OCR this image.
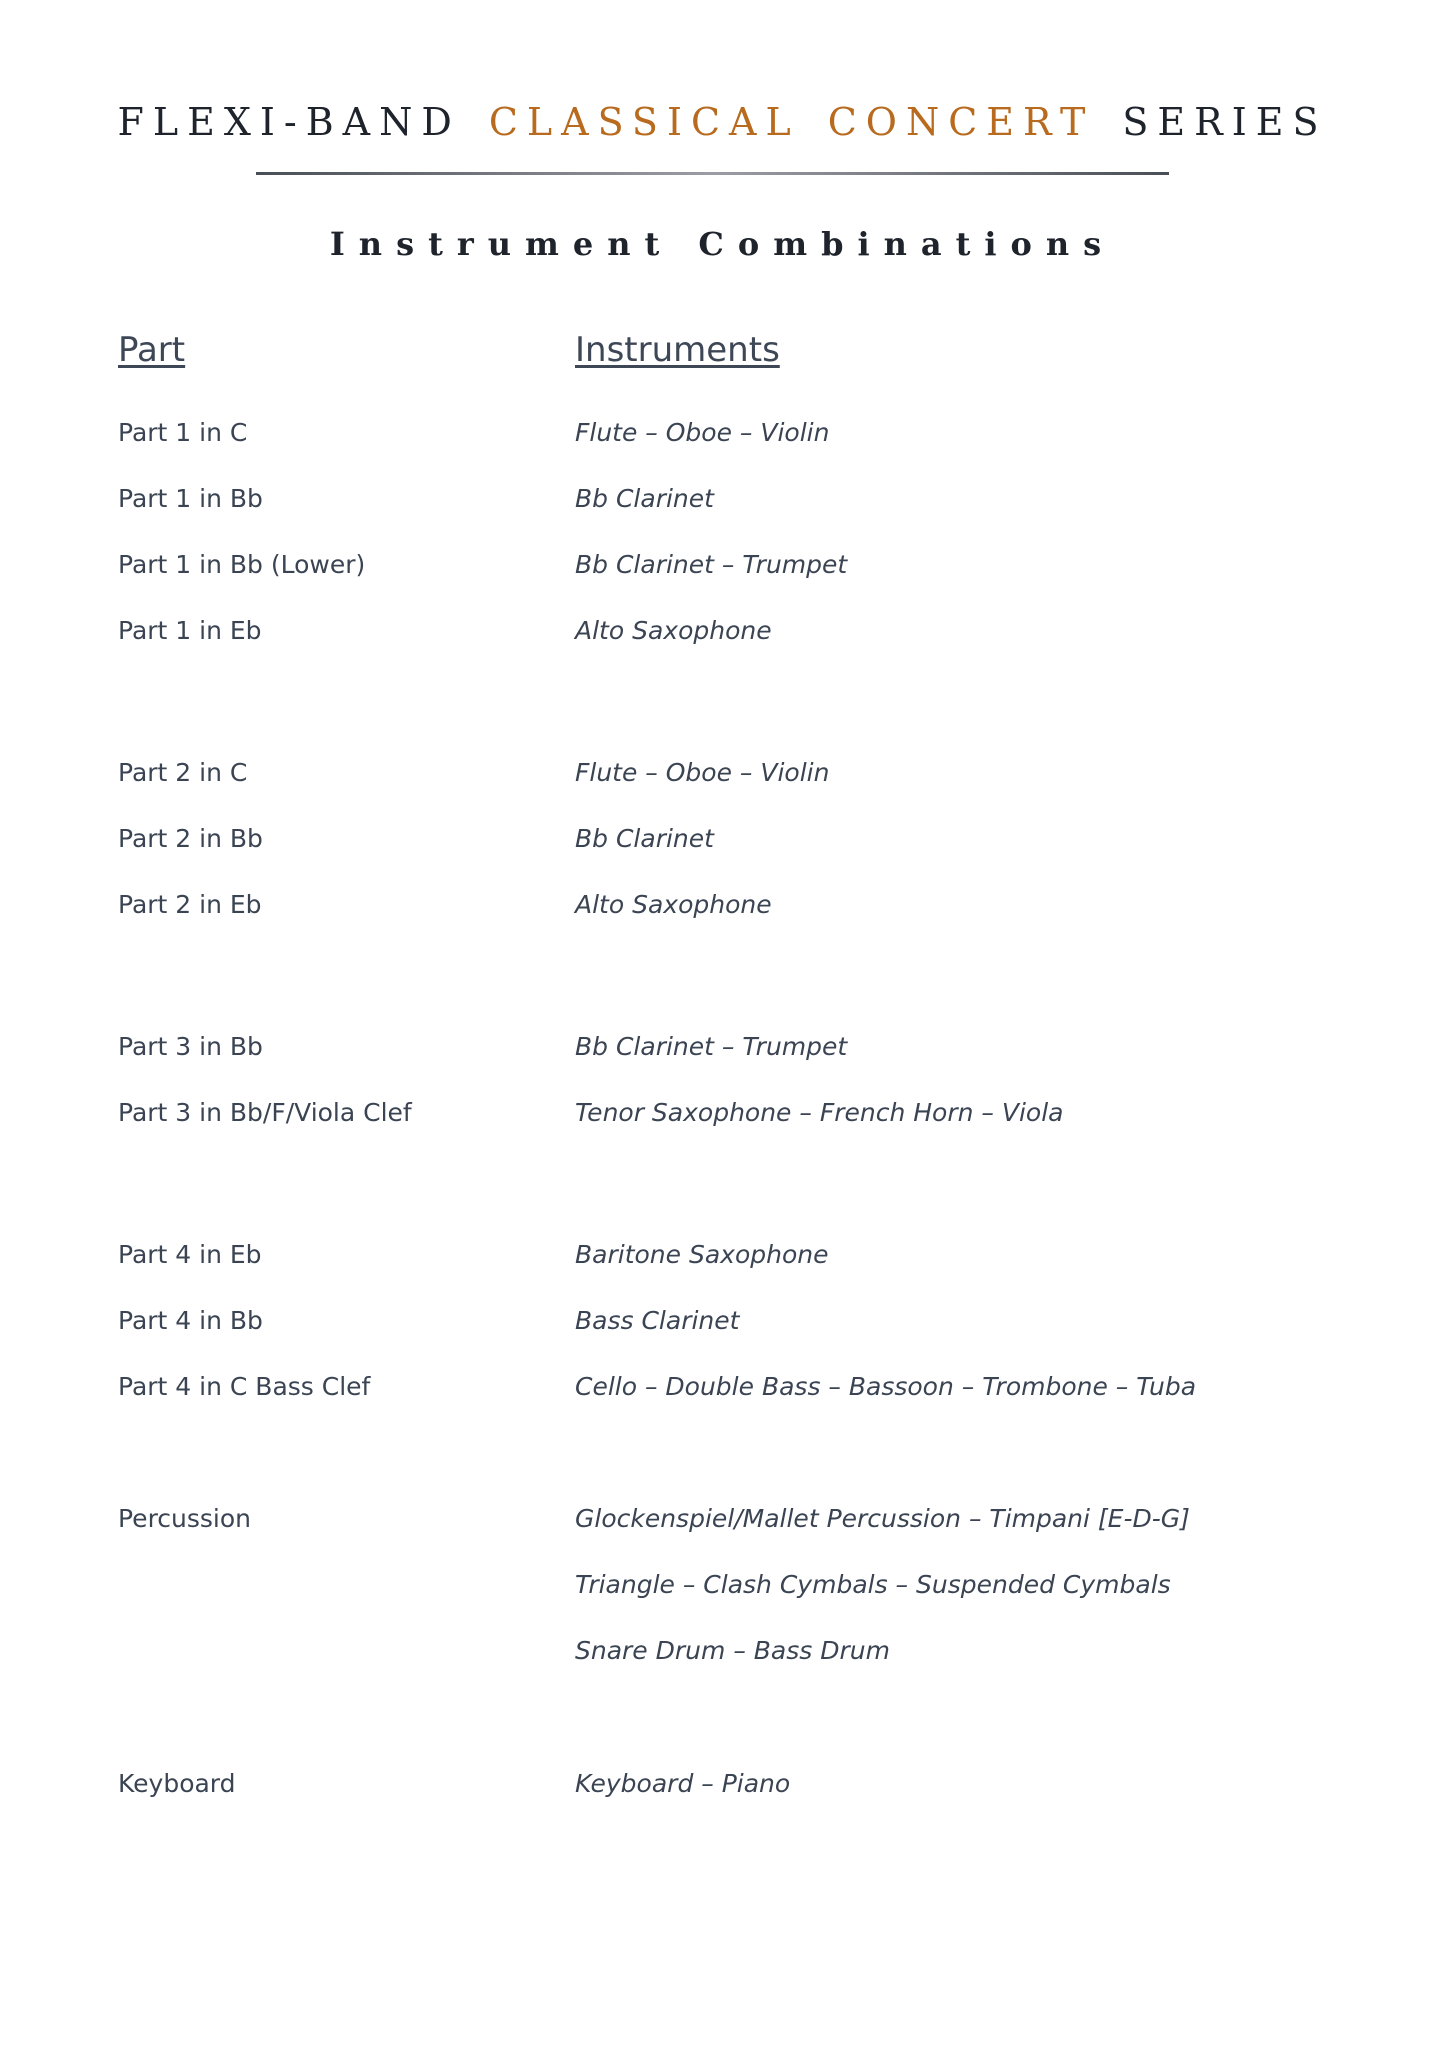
FLEXI-BAND CLASSICAL CONCERT SERIES
Instrument Combinations
Part	Instruments
Part 1 in C	Flute – Oboe – Violin
Part 1 in Bb	Bb Clarinet
Part 1 in Bb (Lower)	Bb Clarinet – Trumpet
Part 1 in Eb	Alto Saxophone
Part 2 in C	Flute – Oboe – Violin
Part 2 in Bb	Bb Clarinet
Part 2 in Eb	Alto Saxophone
Part 3 in Bb	Bb Clarinet – Trumpet
Part 3 in Bb/F/Viola Clef	Tenor Saxophone – French Horn – Viola
Part 4 in Eb	Baritone Saxophone
Part 4 in Bb	Bass Clarinet
Part 4 in C Bass Clef	Cello – Double Bass – Bassoon – Trombone – Tuba
Percussion	Glockenspiel/Mallet Percussion – Timpani [E-D-G]
Triangle – Clash Cymbals – Suspended Cymbals
Snare Drum – Bass Drum
Keyboard	Keyboard – Piano
